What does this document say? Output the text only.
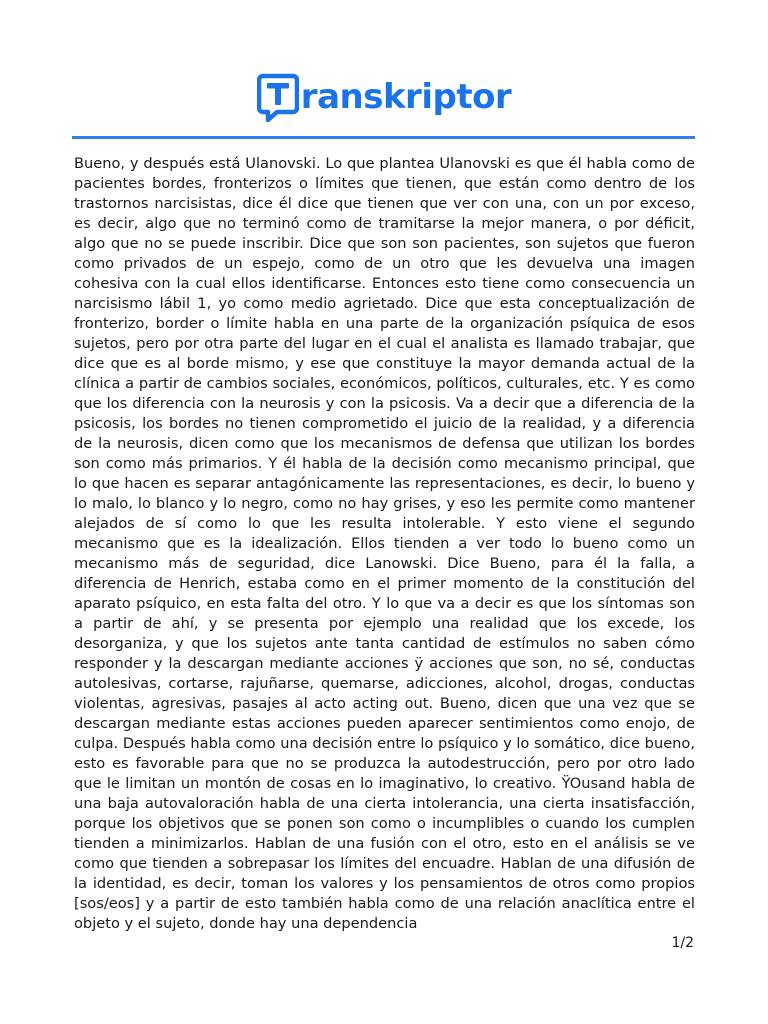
ranskriptor

Bueno, y después está Ulanovski. Lo que plantea Ulanovski es que él habla como de pacientes bordes, fronterizos o límites que tienen, que están como dentro de los trastornos narcisistas, dice él dice que tienen que ver con una, con un por exceso, es decir, algo que no terminó como de tramitarse la mejor manera, o por déficit, algo que no se puede inscribir. Dice que son son pacientes, son sujetos que fueron como privados de un espejo, como de un otro que les devuelva una imagen cohesiva con la cual ellos identificarse. Entonces esto tiene como consecuencia un narcisismo lábil 1, yo como medio agrietado. Dice que esta conceptualización de fronterizo, border o límite habla en una parte de la organización psíquica de esos sujetos, pero por otra parte del lugar en el cual el analista es llamado trabajar, que dice que es al borde mismo, y ese que constituye la mayor demanda actual de la clínica a partir de cambios sociales, económicos, políticos, culturales, etc. Y es como que los diferencia con la neurosis y con la psicosis. Va a decir que a diferencia de la psicosis, los bordes no tienen comprometido el juicio de la realidad, y a diferencia de la neurosis, dicen como que los mecanismos de defensa que utilizan los bordes son como más primarios. Y él habla de la decisión como mecanismo principal, que lo que hacen es separar antagónicamente las representaciones, es decir, lo bueno y lo malo, lo blanco y lo negro, como no hay grises, y eso les permite como mantener alejados de sí como lo que les resulta intolerable. Y esto viene el segundo mecanismo que es la idealización. Ellos tienden a ver todo lo bueno como un mecanismo más de seguridad, dice Lanowski. Dice Bueno, para él la falla, a diferencia de Henrich, estaba como en el primer momento de la constitución del aparato psíquico, en esta falta del otro. Y lo que va a decir es que los síntomas son a partir de ahí, y se presenta por ejemplo una realidad que los excede, los desorganiza, y que los sujetos ante tanta cantidad de estímulos no saben cómo responder y la descargan mediante acciones ÿ acciones que son, no sé, conductas autolesivas, cortarse, rajuñarse, quemarse, adicciones, alcohol, drogas, conductas violentas, agresivas, pasajes al acto acting out. Bueno, dicen que una vez que se descargan mediante estas acciones pueden aparecer sentimientos como enojo, de culpa. Después habla como una decisión entre lo psíquico y lo somático, dice bueno, esto es favorable para que no se produzca la autodestrucción, pero por otro lado que le limitan un montón de cosas en lo imaginativo, lo creativo. ŸOusand habla de una baja autovaloración habla de una cierta intolerancia, una cierta insatisfacción, porque los objetivos que se ponen son como o incumplibles o cuando los cumplen tienden a minimizarlos. Hablan de una fusión con el otro, esto en el análisis se ve como que tienden a sobrepasar los límites del encuadre. Hablan de una difusión de la identidad, es decir, toman los valores y los pensamientos de otros como propios [sos/eos] y a partir de esto también habla como de una relación anaclítica entre el objeto y el sujeto, donde hay una dependencia

1/2
